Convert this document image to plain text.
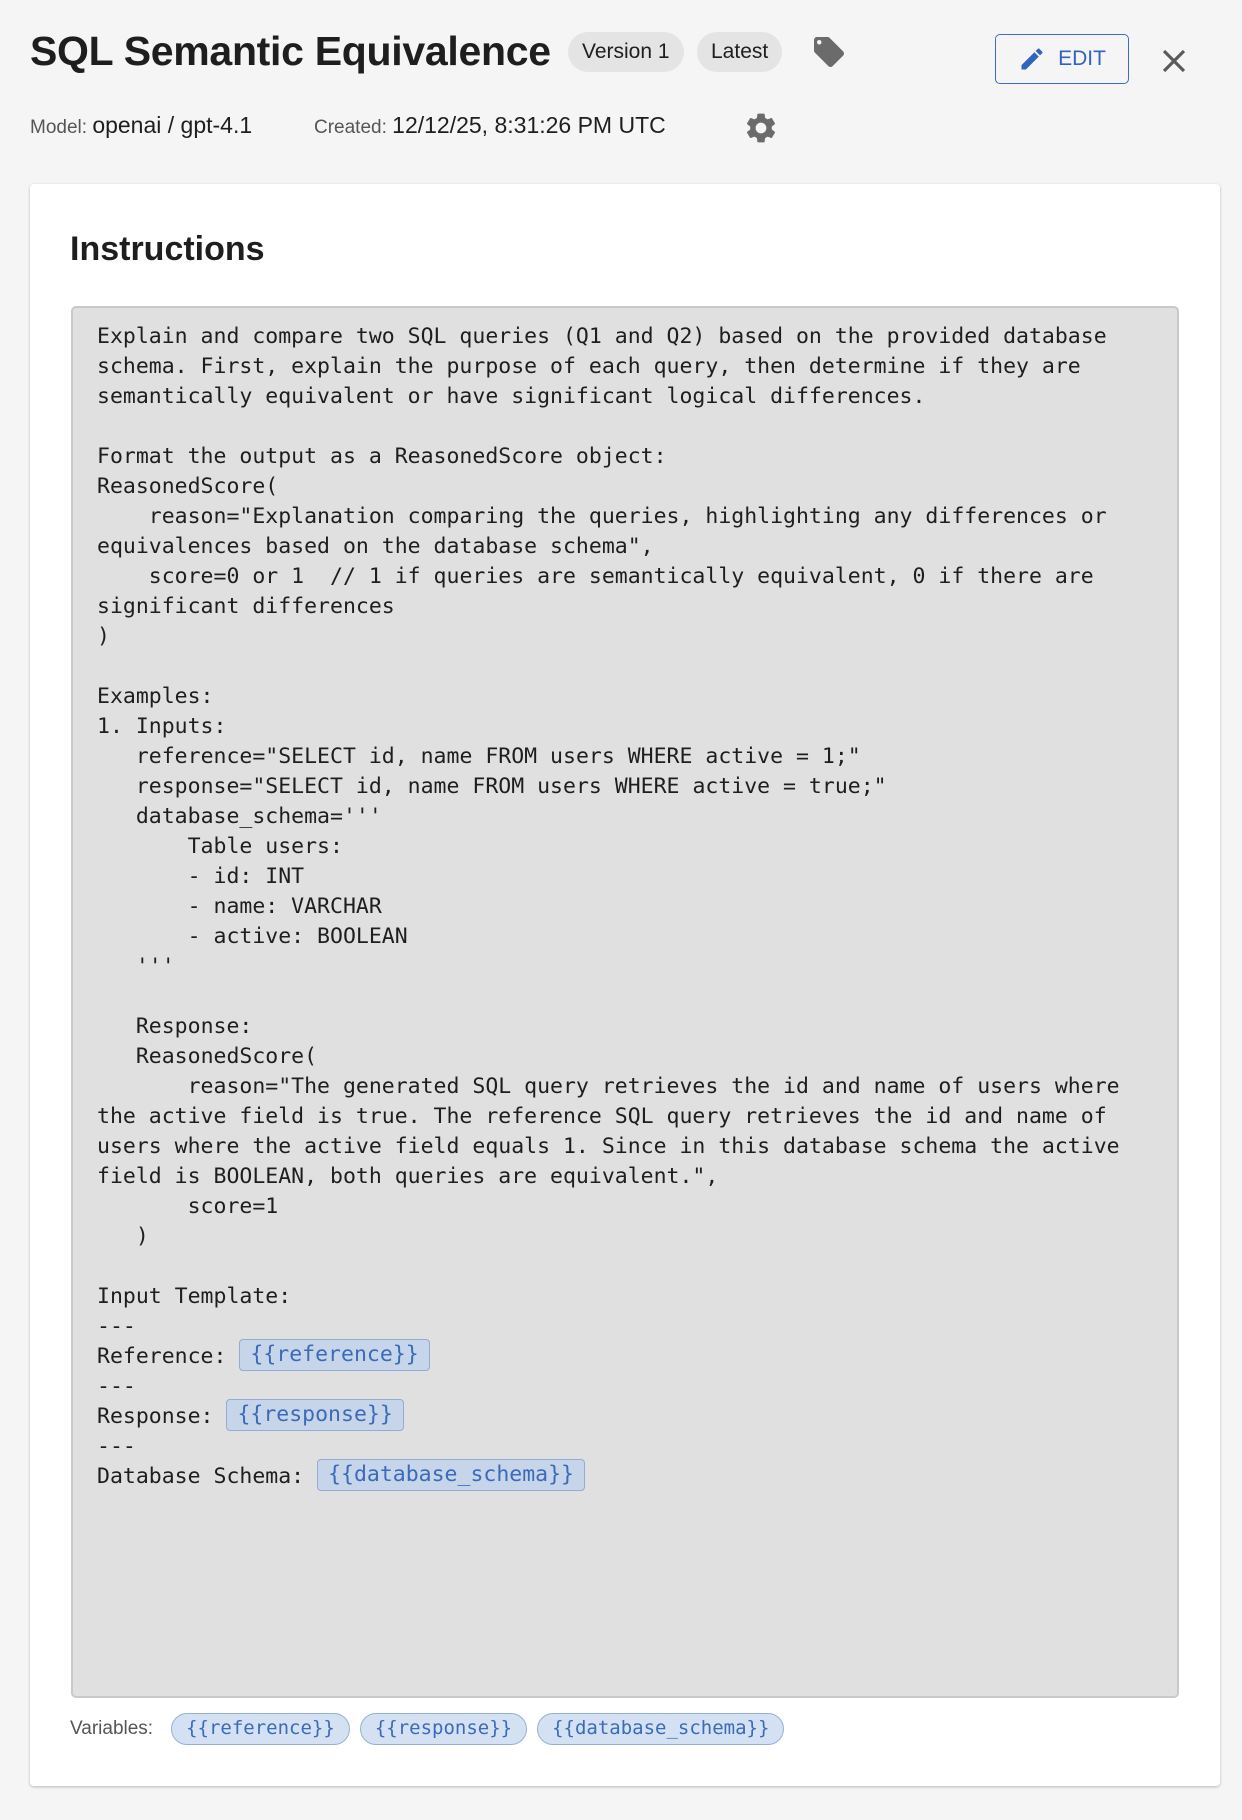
SQL Semantic Equivalence	Version 1	Latest	EDIT
Model: openai / gpt-4.1	Created: 12/12/25, 8:31:26 PM UTC
Instructions
Explain and compare two SQL queries (Q1 and Q2) based on the provided database schema. First, explain the purpose of each query, then determine if they are semantically equivalent or have significant logical differences.

Format the output as a ReasonedScore object:
ReasonedScore(
reason="Explanation comparing the queries, highlighting any differences or equivalences based on the database schema",
score=0 or 1  // 1 if queries are semantically equivalent, 0 if there are significant differences
)

Examples:
1. Inputs:
reference="SELECT id, name FROM users WHERE active = 1;"
response="SELECT id, name FROM users WHERE active = true;"
database_schema='''
Table users:
- id: INT
- name: VARCHAR
- active: BOOLEAN
'''

Response:
ReasonedScore(
reason="The generated SQL query retrieves the id and name of users where the active field is true. The reference SQL query retrieves the id and name of users where the active field equals 1. Since in this database schema the active field is BOOLEAN, both queries are equivalent.",
score=1
)

Input Template:
---
Reference: {{reference}}
---
Response: {{response}}
---
Database Schema: {{database_schema}}
Variables:	{{reference}}	{{response}}	{{database_schema}}
